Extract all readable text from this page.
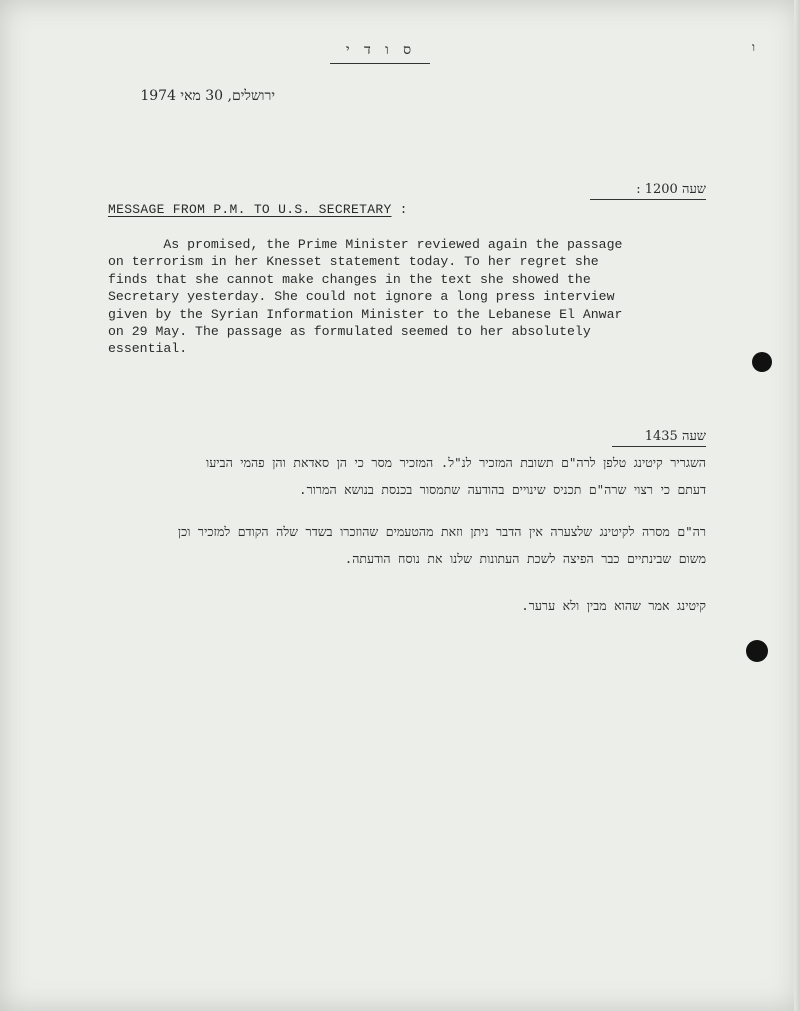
ס ו ד י	ו
ירושלים, 30 מאי 1974
שעה 1200 :
MESSAGE FROM P.M. TO U.S. SECRETARY :

As promised, the Prime Minister reviewed again the passage

on terrorism in her Knesset statement today. To her regret she

finds that she cannot make changes in the text she showed the

Secretary yesterday. She could not ignore a long press interview

given by the Syrian Information Minister to the Lebanese El Anwar

on 29 May. The passage as formulated seemed to her absolutely

essential.

שעה 1435

השגריר קיטינג טלפן לרה"ם תשובת המזכיר לנ"ל. המזכיר מסר כי הן סאדאת והן פהמי הביעו

דעתם כי רצוי שרה"ם תכניס שינויים בהודעה שתמסור בכנסת בנושא המרור.

רה"ם מסרה לקיטינג שלצערה אין הדבר ניתן וזאת מהטעמים שהוזכרו בשדר שלה הקודם למזכיר וכן

משום שבינתיים כבר הפיצה לשכת העתונות שלנו את נוסח הודעתה.

קיטינג אמר שהוא מבין ולא ערער.
